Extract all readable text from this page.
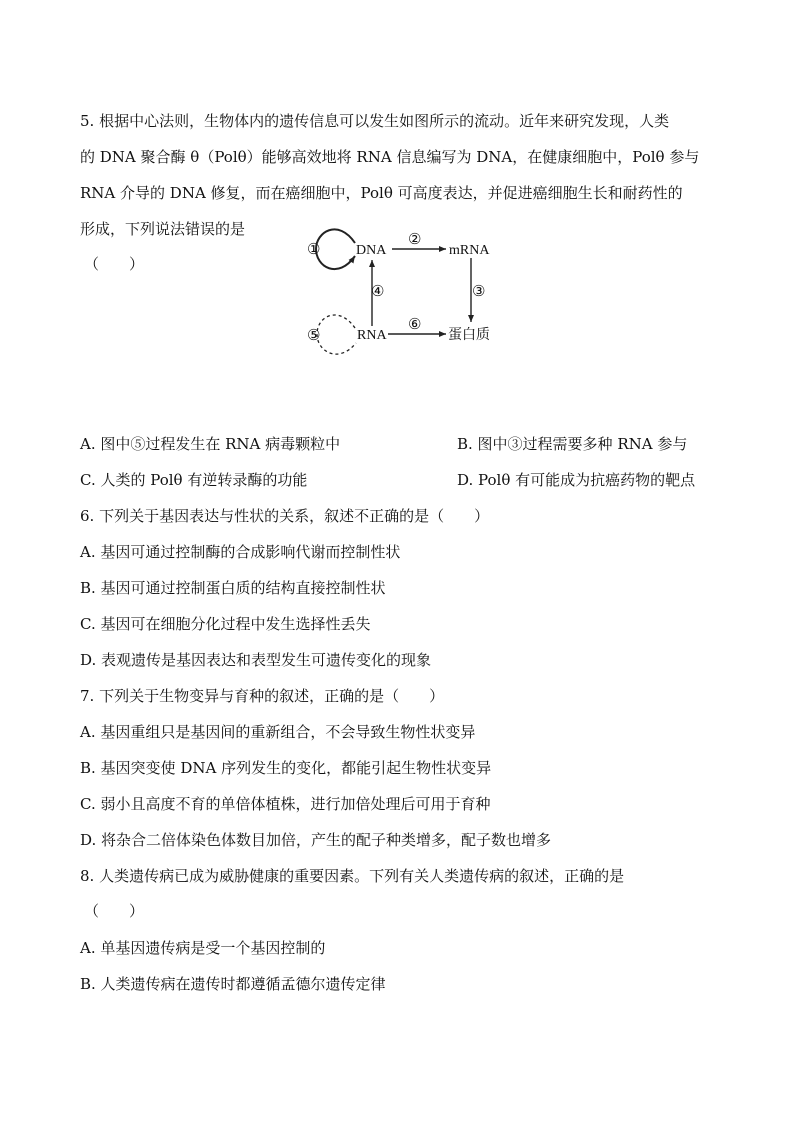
5. 根据中心法则，生物体内的遗传信息可以发生如图所示的流动。近年来研究发现，人类
的 DNA 聚合酶 θ（Polθ）能够高效地将 RNA 信息编写为 DNA，在健康细胞中，Polθ 参与
RNA 介导的 DNA 修复，而在癌细胞中，Polθ 可高度表达，并促进癌细胞生长和耐药性的
形成，下列说法错误的是
（　　）
DNA	mRNA
RNA	蛋白质
①
②
③
④
⑤
⑥
A. 图中⑤过程发生在 RNA 病毒颗粒中	B. 图中③过程需要多种 RNA 参与
C. 人类的 Polθ 有逆转录酶的功能	D. Polθ 有可能成为抗癌药物的靶点
6. 下列关于基因表达与性状的关系，叙述不正确的是（　　）
A. 基因可通过控制酶的合成影响代谢而控制性状
B. 基因可通过控制蛋白质的结构直接控制性状
C. 基因可在细胞分化过程中发生选择性丢失
D. 表观遗传是基因表达和表型发生可遗传变化的现象
7. 下列关于生物变异与育种的叙述，正确的是（　　）
A. 基因重组只是基因间的重新组合，不会导致生物性状变异
B. 基因突变使 DNA 序列发生的变化，都能引起生物性状变异
C. 弱小且高度不育的单倍体植株，进行加倍处理后可用于育种
D. 将杂合二倍体染色体数目加倍，产生的配子种类增多，配子数也增多
8. 人类遗传病已成为威胁健康的重要因素。下列有关人类遗传病的叙述，正确的是
（　　）
A. 单基因遗传病是受一个基因控制的
B. 人类遗传病在遗传时都遵循孟德尔遗传定律
